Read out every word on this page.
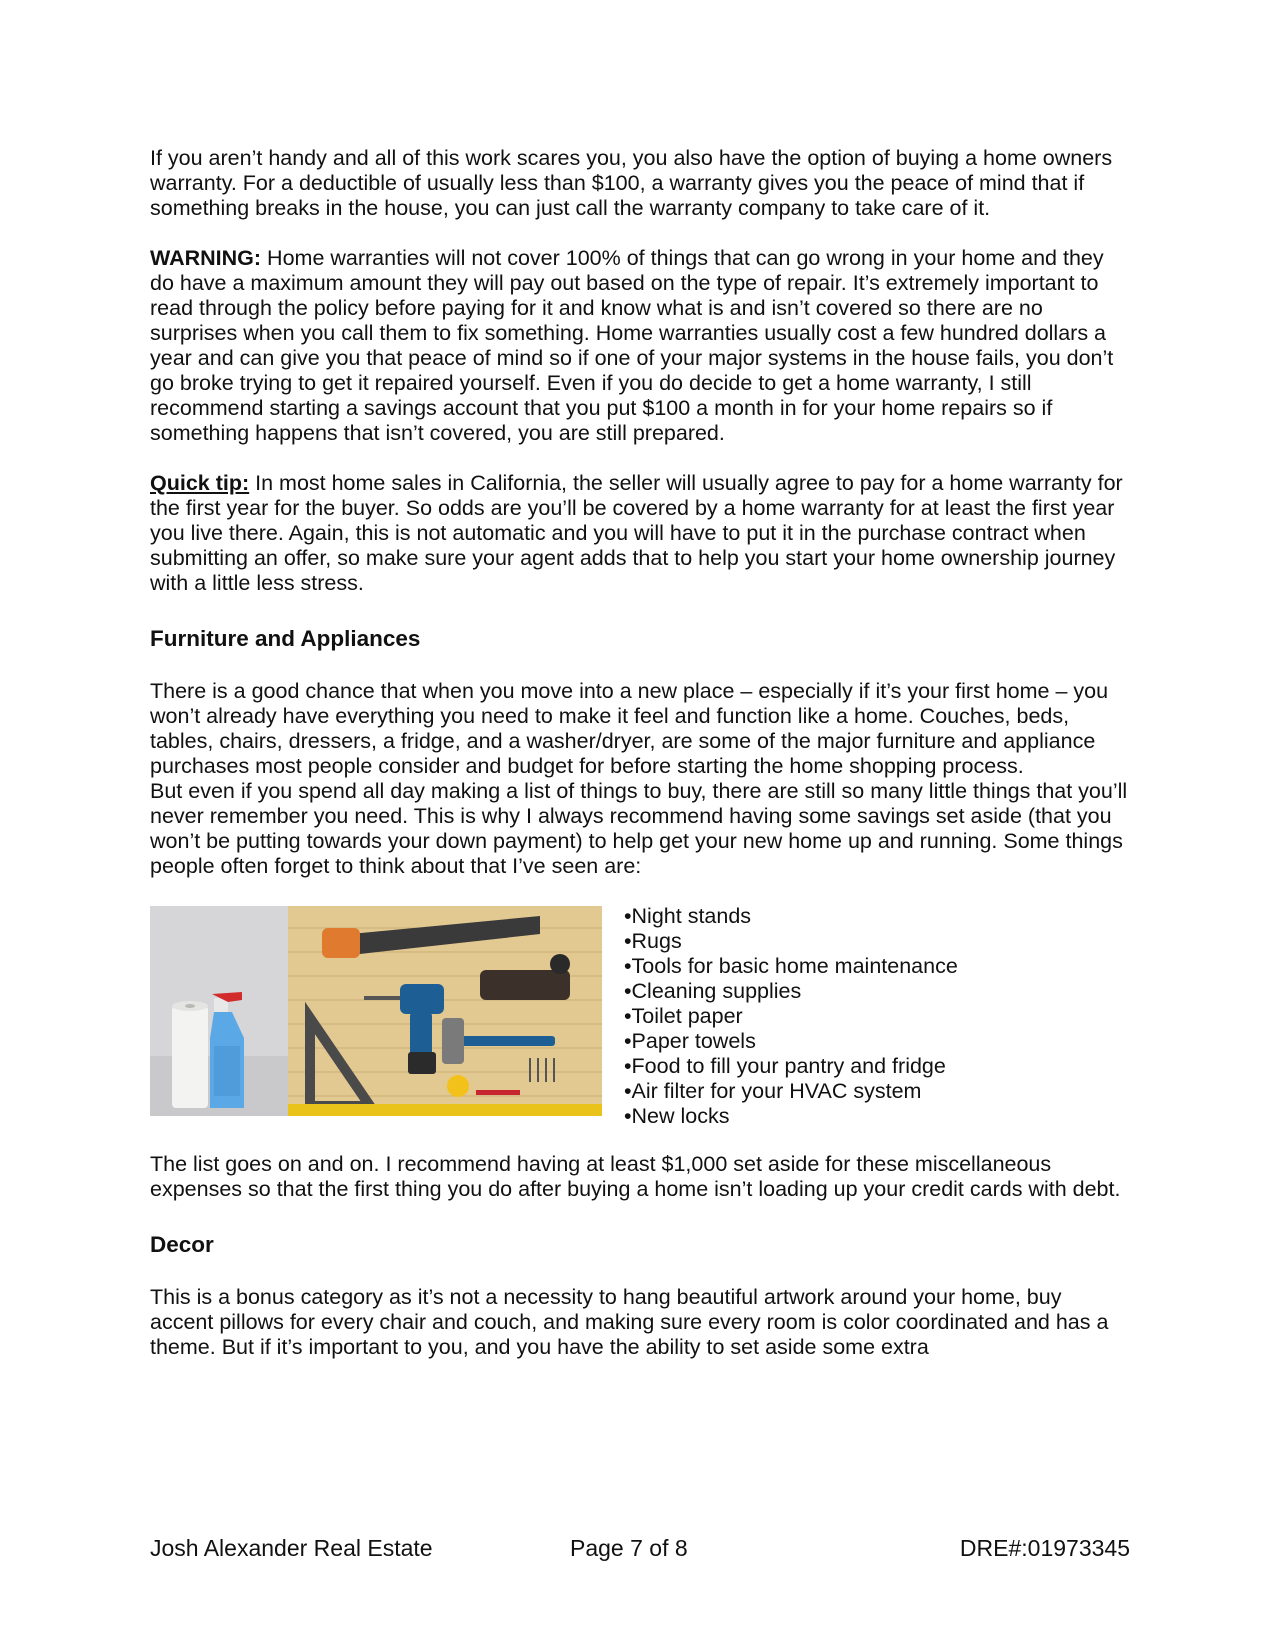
If you aren’t handy and all of this work scares you, you also have the option of buying a home owners warranty. For a deductible of usually less than $100, a warranty gives you the peace of mind that if something breaks in the house, you can just call the warranty company to take care of it.

WARNING: Home warranties will not cover 100% of things that can go wrong in your home and they do have a maximum amount they will pay out based on the type of repair. It’s extremely important to read through the policy before paying for it and know what is and isn’t covered so there are no surprises when you call them to fix something. Home warranties usually cost a few hundred dollars a year and can give you that peace of mind so if one of your major systems in the house fails, you don’t go broke trying to get it repaired yourself. Even if you do decide to get a home warranty, I still recommend starting a savings account that you put $100 a month in for your home repairs so if something happens that isn’t covered, you are still prepared.

Quick tip: In most home sales in California, the seller will usually agree to pay for a home warranty for the first year for the buyer. So odds are you’ll be covered by a home warranty for at least the first year you live there. Again, this is not automatic and you will have to put it in the purchase contract when submitting an offer, so make sure your agent adds that to help you start your home ownership journey with a little less stress.

Furniture and Appliances

There is a good chance that when you move into a new place – especially if it’s your first home – you won’t already have everything you need to make it feel and function like a home. Couches, beds, tables, chairs, dressers, a fridge, and a washer/dryer, are some of the major furniture and appliance purchases most people consider and budget for before starting the home shopping process.

But even if you spend all day making a list of things to buy, there are still so many little things that you’ll never remember you need. This is why I always recommend having some savings set aside (that you won’t be putting towards your down payment) to help get your new home up and running. Some things people often forget to think about that I’ve seen are:

•Night stands
•Rugs
•Tools for basic home maintenance
•Cleaning supplies
•Toilet paper
•Paper towels
•Food to fill your pantry and fridge
•Air filter for your HVAC system
•New locks

The list goes on and on. I recommend having at least $1,000 set aside for these miscellaneous expenses so that the first thing you do after buying a home isn’t loading up your credit cards with debt.

Decor

This is a bonus category as it’s not a necessity to hang beautiful artwork around your home, buy accent pillows for every chair and couch, and making sure every room is color coordinated and has a theme. But if it’s important to you, and you have the ability to set aside some extra

Josh Alexander Real Estate	Page 7 of 8	DRE#:01973345
